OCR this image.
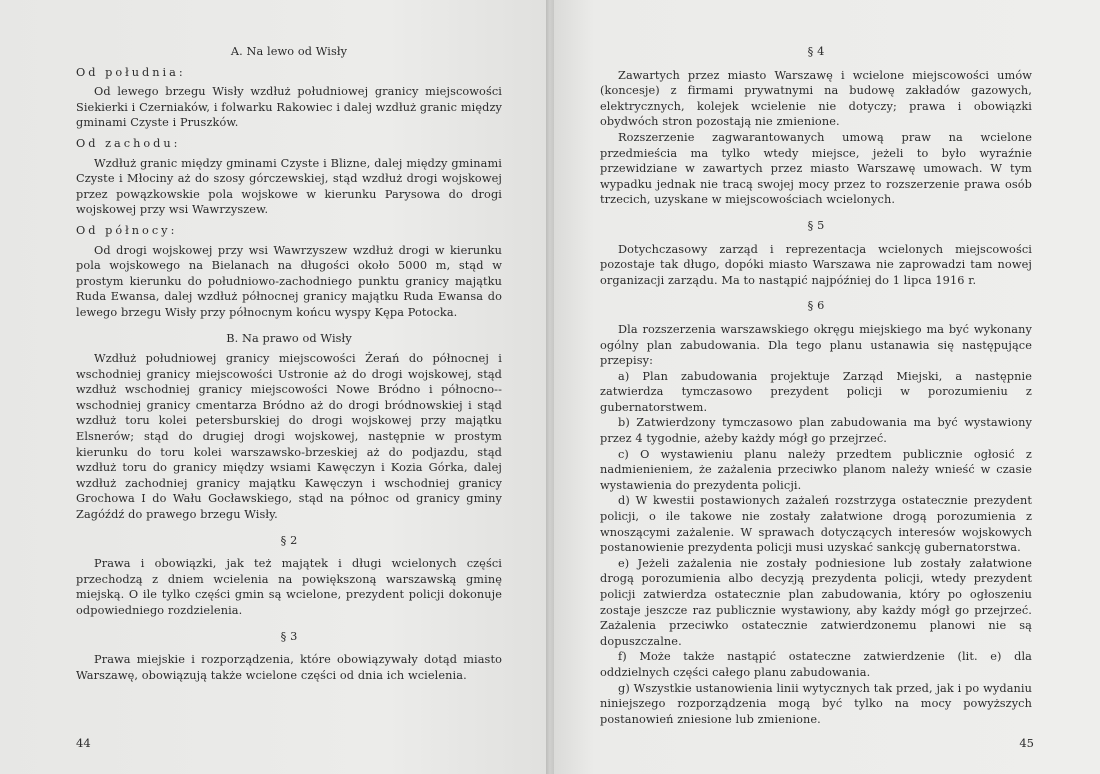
A. Na lewo od Wisły
Od południa:

Od lewego brzegu Wisły wzdłuż południowej granicy miejscowości Siekierki i Czerniaków, i folwarku Rakowiec i dalej wzdłuż granic między gminami Czyste i Pruszków.

Od zachodu:

Wzdłuż granic między gminami Czyste i Blizne, dalej między gminami Czyste i Młociny aż do szosy górczewskiej, stąd wzdłuż drogi wojskowej przez powązkowskie pola wojskowe w kierunku Parysowa do drogi wojskowej przy wsi Wawrzyszew.

Od północy:

Od drogi wojskowej przy wsi Wawrzyszew wzdłuż drogi w kierunku pola wojskowego na Bielanach na długości około 5000 m, stąd w prostym kierunku do południowo-zachodniego punktu granicy majątku Ruda Ewansa, dalej wzdłuż północnej granicy majątku Ruda Ewansa do lewego brzegu Wisły przy północnym końcu wyspy Kępa Potocka.

B. Na prawo od Wisły

Wzdłuż południowej granicy miejscowości Żerań do północnej i wschodniej granicy miejscowości Ustronie aż do drogi wojskowej, stąd wzdłuż wschodniej granicy miejscowości Nowe Bródno i północno--wschodniej granicy cmentarza Bródno aż do drogi bródnowskiej i stąd wzdłuż toru kolei petersburskiej do drogi wojskowej przy majątku Elsnerów; stąd do drugiej drogi wojskowej, następnie w prostym kierunku do toru kolei warszawsko-brzeskiej aż do podjazdu, stąd wzdłuż toru do granicy między wsiami Kawęczyn i Kozia Górka, dalej wzdłuż zachodniej granicy majątku Kawęczyn i wschodniej granicy Grochowa I do Wału Gocławskiego, stąd na północ od granicy gminy Zagóźdź do prawego brzegu Wisły.

§ 2

Prawa i obowiązki, jak też majątek i długi wcielonych części przechodzą z dniem wcielenia na powiększoną warszawską gminę miejską. O ile tylko części gmin są wcielone, prezydent policji dokonuje odpowiedniego rozdzielenia.

§ 3

Prawa miejskie i rozporządzenia, które obowiązywały dotąd miasto Warszawę, obowiązują także wcielone części od dnia ich wcielenia.

44
§ 4

Zawartych przez miasto Warszawę i wcielone miejscowości umów (koncesje) z firmami prywatnymi na budowę zakładów gazowych, elektrycznych, kolejek wcielenie nie dotyczy; prawa i obowiązki obydwóch stron pozostają nie zmienione.

Rozszerzenie zagwarantowanych umową praw na wcielone przedmieścia ma tylko wtedy miejsce, jeżeli to było wyraźnie przewidziane w zawartych przez miasto Warszawę umowach. W tym wypadku jednak nie tracą swojej mocy przez to rozszerzenie prawa osób trzecich, uzyskane w miejscowościach wcielonych.

§ 5

Dotychczasowy zarząd i reprezentacja wcielonych miejscowości pozostaje tak długo, dopóki miasto Warszawa nie zaprowadzi tam nowej organizacji zarządu. Ma to nastąpić najpóźniej do 1 lipca 1916 r.

§ 6

Dla rozszerzenia warszawskiego okręgu miejskiego ma być wykonany ogólny plan zabudowania. Dla tego planu ustanawia się następujące przepisy:

a) Plan zabudowania projektuje Zarząd Miejski, a następnie zatwierdza tymczasowo prezydent policji w porozumieniu z gubernatorstwem.

b) Zatwierdzony tymczasowo plan zabudowania ma być wystawiony przez 4 tygodnie, ażeby każdy mógł go przejrzeć.

c) O wystawieniu planu należy przedtem publicznie ogłosić z nadmienieniem, że zażalenia przeciwko planom należy wnieść w czasie wystawienia do prezydenta policji.

d) W kwestii postawionych zażaleń rozstrzyga ostatecznie prezydent policji, o ile takowe nie zostały załatwione drogą porozumienia z wnoszącymi zażalenie. W sprawach dotyczących interesów wojskowych postanowienie prezydenta policji musi uzyskać sankcję gubernatorstwa.

e) Jeżeli zażalenia nie zostały podniesione lub zostały załatwione drogą porozumienia albo decyzją prezydenta policji, wtedy prezydent policji zatwierdza ostatecznie plan zabudowania, który po ogłoszeniu zostaje jeszcze raz publicznie wystawiony, aby każdy mógł go przejrzeć. Zażalenia przeciwko ostatecznie zatwierdzonemu planowi nie są dopuszczalne.

f) Może także nastąpić ostateczne zatwierdzenie (lit. e) dla oddzielnych części całego planu zabudowania.

g) Wszystkie ustanowienia linii wytycznych tak przed, jak i po wydaniu niniejszego rozporządzenia mogą być tylko na mocy powyższych postanowień zniesione lub zmienione.

45
